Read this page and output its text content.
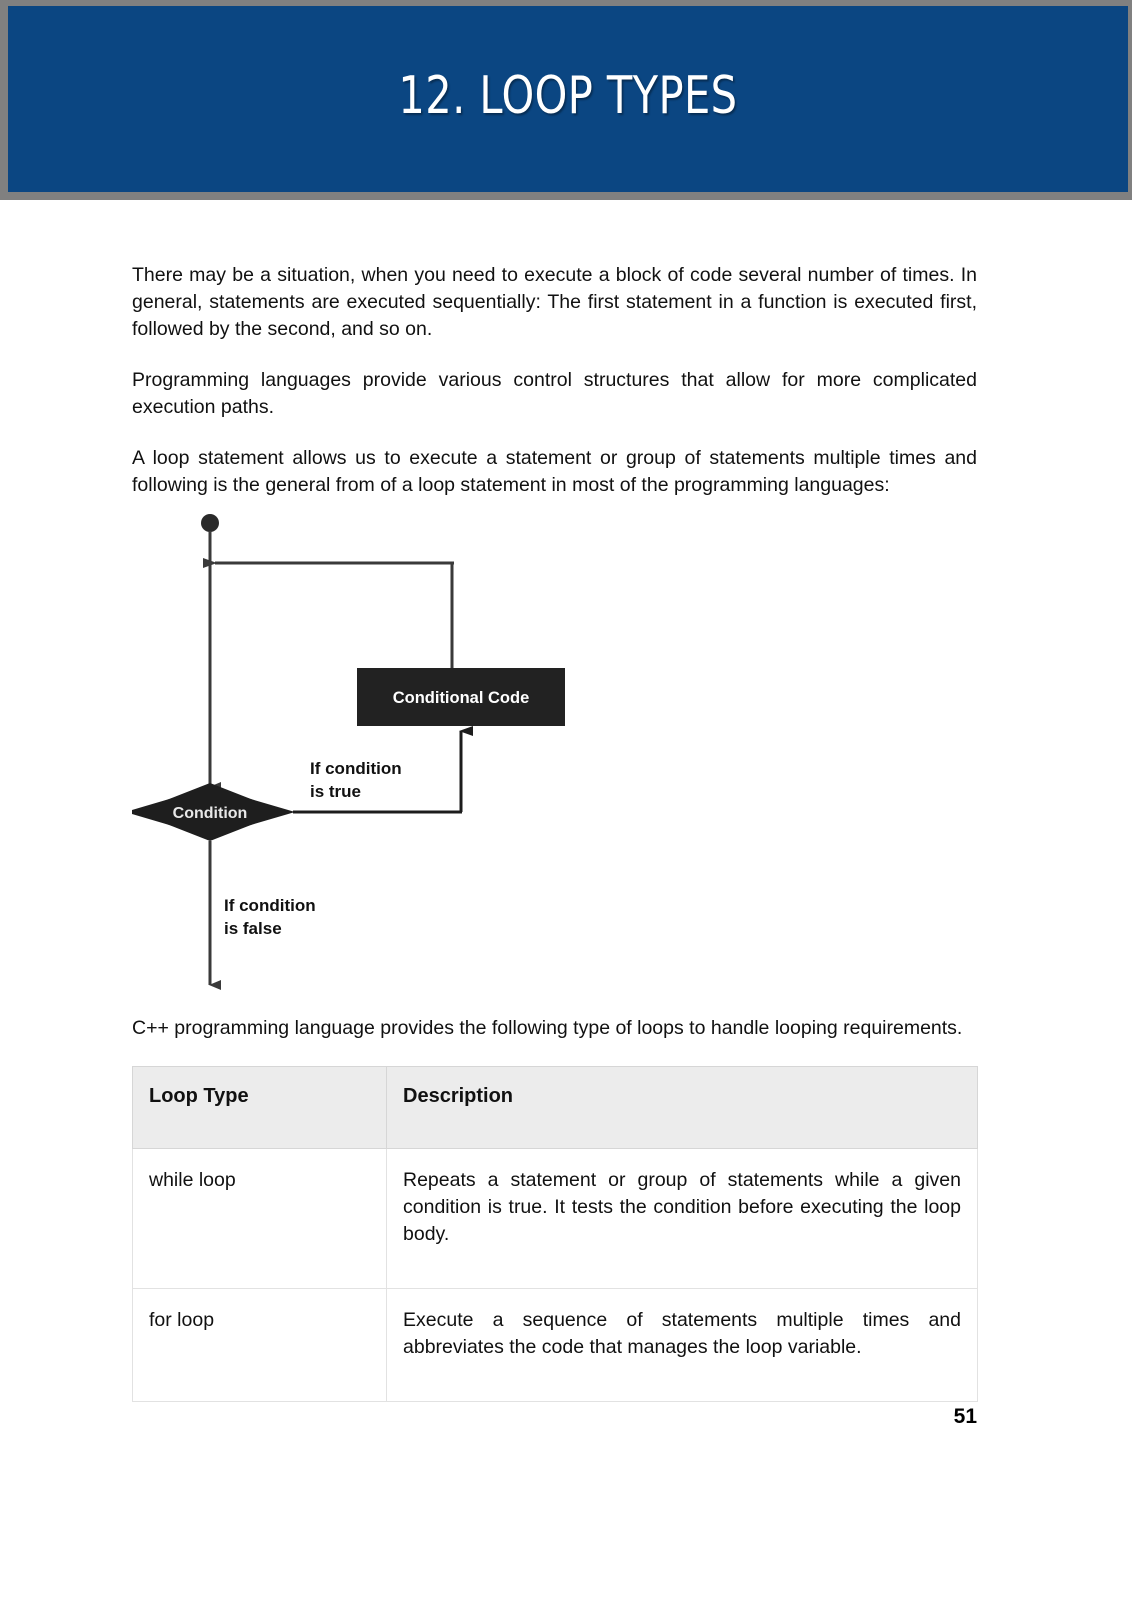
12. LOOP TYPES

There may be a situation, when you need to execute a block of code several number of times. In general, statements are executed sequentially: The first statement in a function is executed first, followed by the second, and so on.

Programming languages provide various control structures that allow for more complicated execution paths.

A loop statement allows us to execute a statement or group of statements multiple times and following is the general from of a loop statement in most of the programming languages:

Conditional Code
Condition
If condition
is true
If condition
is false

C++ programming language provides the following type of loops to handle looping requirements.

Loop Type	Description
while loop	Repeats a statement or group of statements while a given condition is true. It tests the condition before executing the loop body.
for loop	Execute a sequence of statements multiple times and abbreviates the code that manages the loop variable.
51
